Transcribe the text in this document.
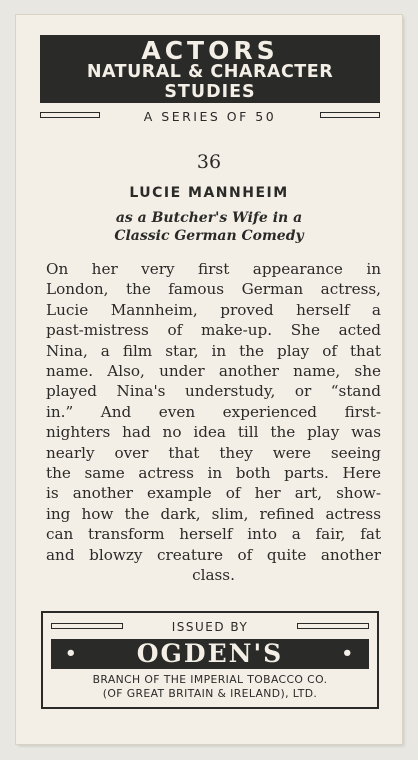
ACTORS
NATURAL & CHARACTER
STUDIES
A SERIES OF 50
36
LUCIE MANNHEIM
as a Butcher's Wife in a
Classic German Comedy
On her very first appearance in
London, the famous German actress,
Lucie Mannheim, proved herself a
past-mistress of make-up. She acted
Nina, a film star, in the play of that
name. Also, under another name, she
played Nina's understudy, or “stand
in.” And even experienced first-
nighters had no idea till the play was
nearly over that they were seeing
the same actress in both parts. Here
is another example of her art, show-
ing how the dark, slim, refined actress
can transform herself into a fair, fat
and blowzy creature of quite another
class.
ISSUED BY
• OGDEN'S	•
BRANCH OF THE IMPERIAL TOBACCO CO.
(OF GREAT BRITAIN & IRELAND), LTD.
